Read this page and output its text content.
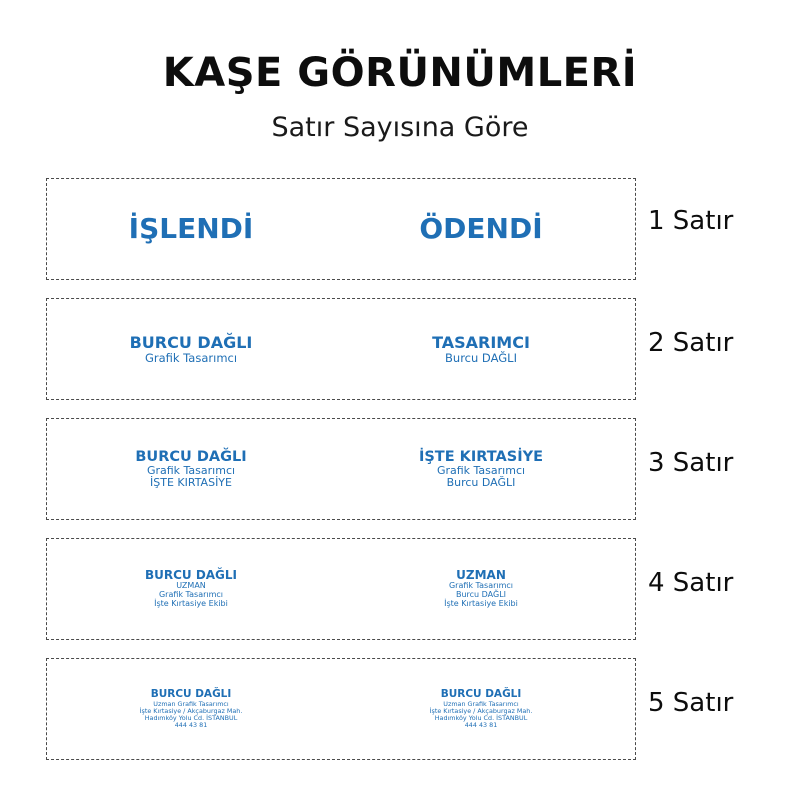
KAŞE GÖRÜNÜMLERİ
Satır Sayısına Göre
İŞLENDİ	ÖDENDİ	1 Satır
BURCU DAĞLI
Grafik Tasarımcı
TASARIMCI
Burcu DAĞLI	2 Satır
BURCU DAĞLI
Grafik Tasarımcı
İŞTE KIRTASİYE
İŞTE KIRTASİYE
Grafik Tasarımcı
Burcu DAĞLI
3 Satır
BURCU DAĞLI
UZMAN
Grafik Tasarımcı
İşte Kırtasiye Ekibi
UZMAN
Grafik Tasarımcı
Burcu DAĞLI
İşte Kırtasiye Ekibi
4 Satır
BURCU DAĞLI
Uzman Grafik Tasarımcı
İşte Kırtasiye / Akçaburgaz Mah.
Hadımköy Yolu Cd. İSTANBUL
444 43 81
BURCU DAĞLI
Uzman Grafik Tasarımcı
İşte Kırtasiye / Akçaburgaz Mah.
Hadımköy Yolu Cd. İSTANBUL
444 43 81
5 Satır
